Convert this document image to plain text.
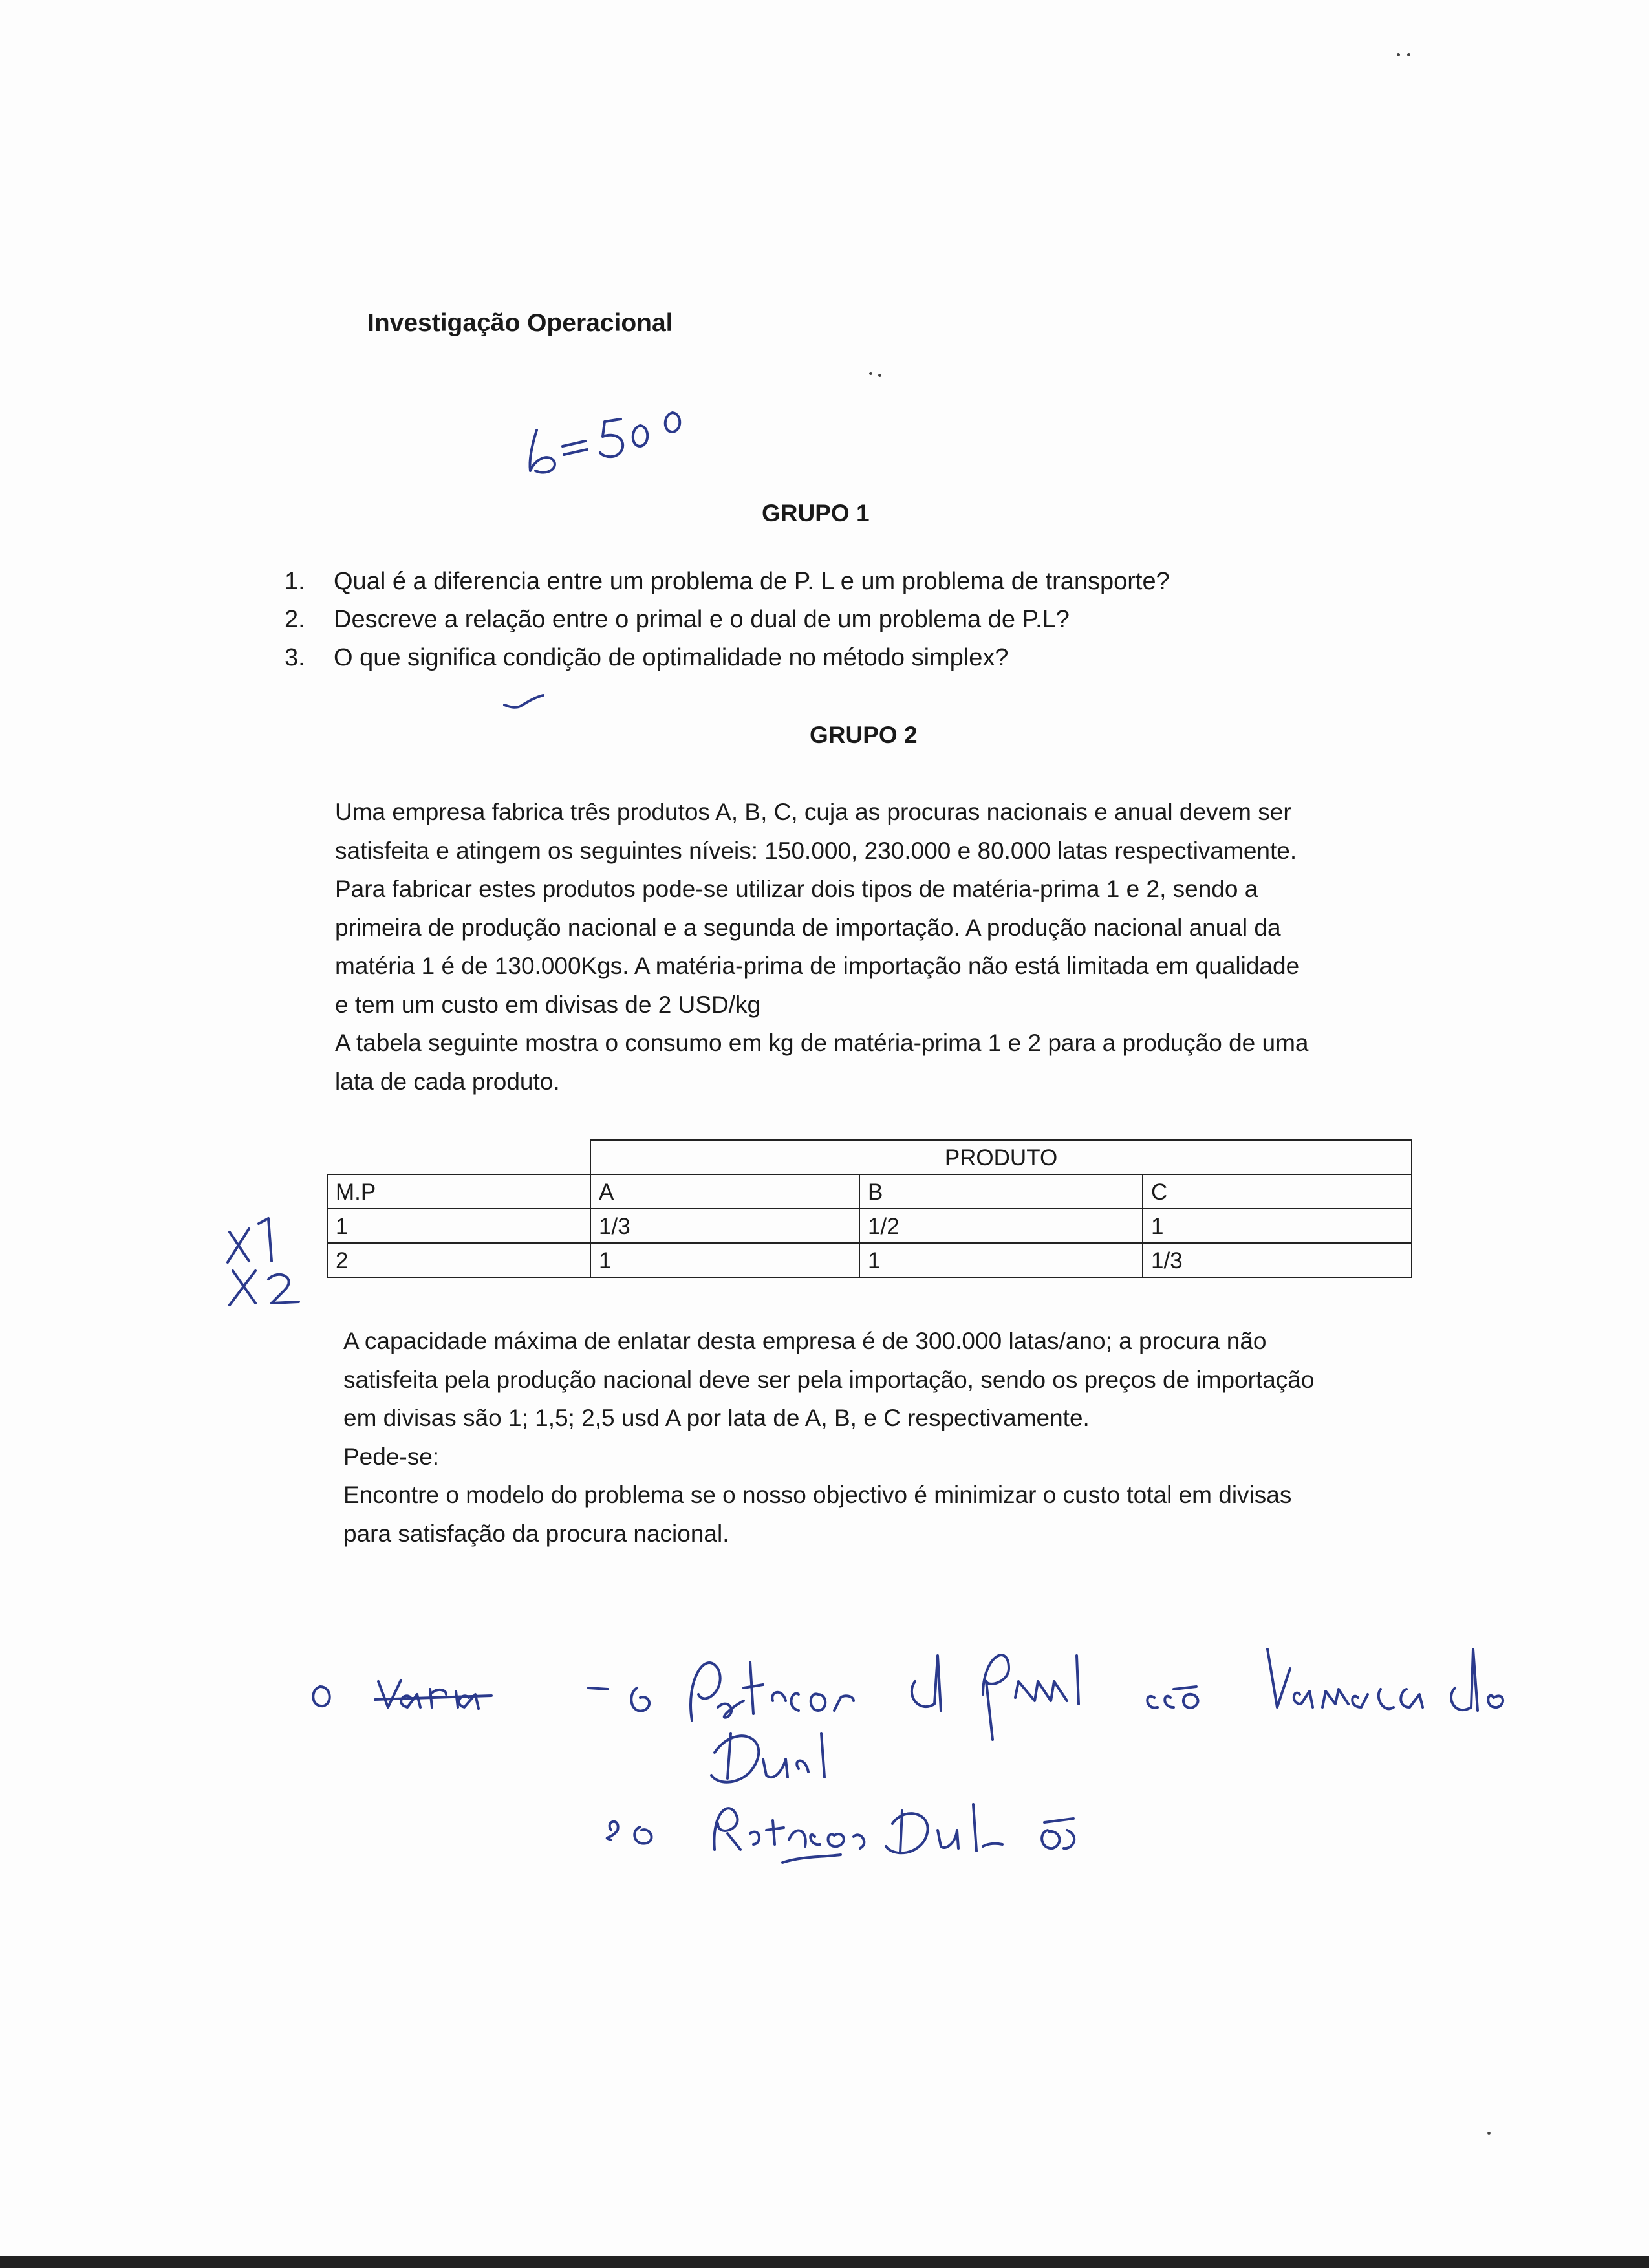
Investigação Operacional
GRUPO 1
1. Qual é a diferencia entre um problema de P. L e um problema de transporte?
2. Descreve a relação entre o primal e o dual de um problema de P.L?
3. O que significa condição de optimalidade no método simplex?
GRUPO 2
Uma empresa fabrica três produtos A, B, C, cuja as procuras nacionais e anual devem ser
satisfeita e atingem os seguintes níveis: 150.000, 230.000 e 80.000 latas respectivamente.
Para fabricar estes produtos pode-se utilizar dois tipos de matéria-prima 1 e 2, sendo a
primeira de produção nacional e a segunda de importação. A produção nacional anual da
matéria 1 é de 130.000Kgs. A matéria-prima de importação não está limitada em qualidade
e tem um custo em divisas de 2 USD/kg
A tabela seguinte mostra o consumo em kg de matéria-prima 1 e 2 para a produção de uma
lata de cada produto.
	PRODUTO		
M.P	A	B	C
1	1/3	1/2	1
2	1	1	1/3
A capacidade máxima de enlatar desta empresa é de 300.000 latas/ano; a procura não
satisfeita pela produção nacional deve ser pela importação, sendo os preços de importação
em divisas são 1; 1,5; 2,5 usd A por lata de A, B, e C respectivamente.
Pede-se:
Encontre o modelo do problema se o nosso objectivo é minimizar o custo total em divisas
para satisfação da procura nacional.
